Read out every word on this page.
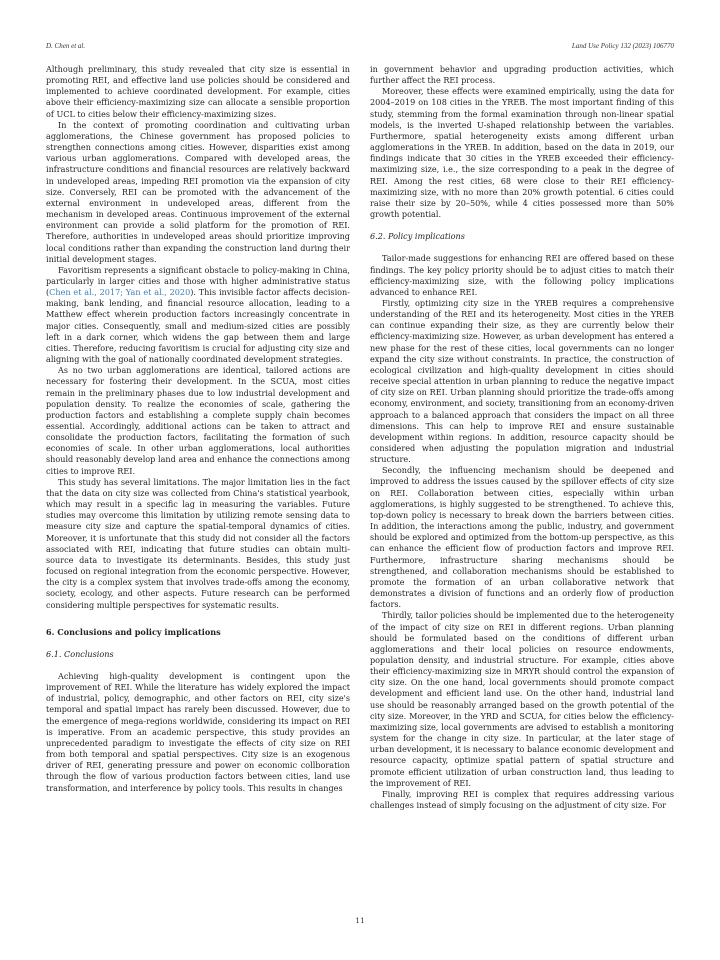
D. Chen et al.	Land Use Policy 132 (2023) 106770

Although preliminary, this study revealed that city size is essential in promoting REI, and effective land use policies should be considered and implemented to achieve coordinated development. For example, cities above their efficiency-maximizing size can allocate a sensible proportion of UCL to cities below their efficiency-maximizing sizes.

In the context of promoting coordination and cultivating urban agglomerations, the Chinese government has proposed policies to strengthen connections among cities. However, disparities exist among various urban agglomerations. Compared with developed areas, the infrastructure conditions and financial resources are relatively backward in undeveloped areas, impeding REI promotion via the expansion of city size. Conversely, REI can be promoted with the advancement of the external environment in undeveloped areas, different from the mechanism in developed areas. Continuous improvement of the external environment can provide a solid platform for the promotion of REI. Therefore, authorities in undeveloped areas should prioritize improving local conditions rather than expanding the construction land during their initial development stages.

Favoritism represents a significant obstacle to policy-making in China, particularly in larger cities and those with higher administrative status (Chen et al., 2017; Yan et al., 2020). This invisible factor affects decision-making, bank lending, and financial resource allocation, leading to a Matthew effect wherein production factors increasingly concentrate in major cities. Consequently, small and medium-sized cities are possibly left in a dark corner, which widens the gap between them and large cities. Therefore, reducing favoritism is crucial for adjusting city size and aligning with the goal of nationally coordinated development strategies.

As no two urban agglomerations are identical, tailored actions are necessary for fostering their development. In the SCUA, most cities remain in the preliminary phases due to low industrial development and population density. To realize the economies of scale, gathering the production factors and establishing a complete supply chain becomes essential. Accordingly, additional actions can be taken to attract and consolidate the production factors, facilitating the formation of such economies of scale. In other urban agglomerations, local authorities should reasonably develop land area and enhance the connections among cities to improve REI.

This study has several limitations. The major limitation lies in the fact that the data on city size was collected from China's statistical yearbook, which may result in a specific lag in measuring the variables. Future studies may overcome this limitation by utilizing remote sensing data to measure city size and capture the spatial-temporal dynamics of cities. Moreover, it is unfortunate that this study did not consider all the factors associated with REI, indicating that future studies can obtain multi-source data to investigate its determinants. Besides, this study just focused on regional integration from the economic perspective. However, the city is a complex system that involves trade-offs among the economy, society, ecology, and other aspects. Future research can be performed considering multiple perspectives for systematic results.

6. Conclusions and policy implications
6.1. Conclusions

Achieving high-quality development is contingent upon the improvement of REI. While the literature has widely explored the impact of industrial, policy, demographic, and other factors on REI, city size's temporal and spatial impact has rarely been discussed. However, due to the emergence of mega-regions worldwide, considering its impact on REI is imperative. From an academic perspective, this study provides an unprecedented paradigm to investigate the effects of city size on REI from both temporal and spatial perspectives. City size is an exogenous driver of REI, generating pressure and power on economic collboration through the flow of various production factors between cities, land use transformation, and interference by policy tools. This results in changes

in government behavior and upgrading production activities, which further affect the REI process.

Moreover, these effects were examined empirically, using the data for 2004–2019 on 108 cities in the YREB. The most important finding of this study, stemming from the formal examination through non-linear spatial models, is the inverted U-shaped relationship between the variables. Furthermore, spatial heterogeneity exists among different urban agglomerations in the YREB. In addition, based on the data in 2019, our findings indicate that 30 cities in the YREB exceeded their efficiency-maximizing size, i.e., the size corresponding to a peak in the degree of REI. Among the rest cities, 68 were close to their REI efficiency-maximizing size, with no more than 20% growth potential. 6 cities could raise their size by 20–50%, while 4 cities possessed more than 50% growth potential.

6.2. Policy implications

Tailor-made suggestions for enhancing REI are offered based on these findings. The key policy priority should be to adjust cities to match their efficiency-maximizing size, with the following policy implications advanced to enhance REI.

Firstly, optimizing city size in the YREB requires a comprehensive understanding of the REI and its heterogeneity. Most cities in the YREB can continue expanding their size, as they are currently below their efficiency-maximizing size. However, as urban development has entered a new phase for the rest of these cities, local governments can no longer expand the city size without constraints. In practice, the construction of ecological civilization and high-quality development in cities should receive special attention in urban planning to reduce the negative impact of city size on REI. Urban planning should prioritize the trade-offs among economy, environment, and society, transitioning from an economy-driven approach to a balanced approach that considers the impact on all three dimensions. This can help to improve REI and ensure sustainable development within regions. In addition, resource capacity should be considered when adjusting the population migration and industrial structure.

Secondly, the influencing mechanism should be deepened and improved to address the issues caused by the spillover effects of city size on REI. Collaboration between cities, especially within urban agglomerations, is highly suggested to be strengthened. To achieve this, top-down policy is necessary to break down the barriers between cities. In addition, the interactions among the public, industry, and government should be explored and optimized from the bottom-up perspective, as this can enhance the efficient flow of production factors and improve REI. Furthermore, infrastructure sharing mechanisms should be strengthened, and collaboration mechanisms should be established to promote the formation of an urban collaborative network that demonstrates a division of functions and an orderly flow of production factors.

Thirdly, tailor policies should be implemented due to the heterogeneity of the impact of city size on REI in different regions. Urban planning should be formulated based on the conditions of different urban agglomerations and their local policies on resource endowments, population density, and industrial structure. For example, cities above their efficiency-maximizing size in MRYR should control the expansion of city size. On the one hand, local governments should promote compact development and efficient land use. On the other hand, industrial land use should be reasonably arranged based on the growth potential of the city size. Moreover, in the YRD and SCUA, for cities below the efficiency-maximizing size, local governments are advised to establish a monitoring system for the change in city size. In particular, at the later stage of urban development, it is necessary to balance economic development and resource capacity, optimize spatial pattern of spatial structure and promote efficient utilization of urban construction land, thus leading to the improvement of REI.

Finally, improving REI is complex that requires addressing various challenges instead of simply focusing on the adjustment of city size. For

11
